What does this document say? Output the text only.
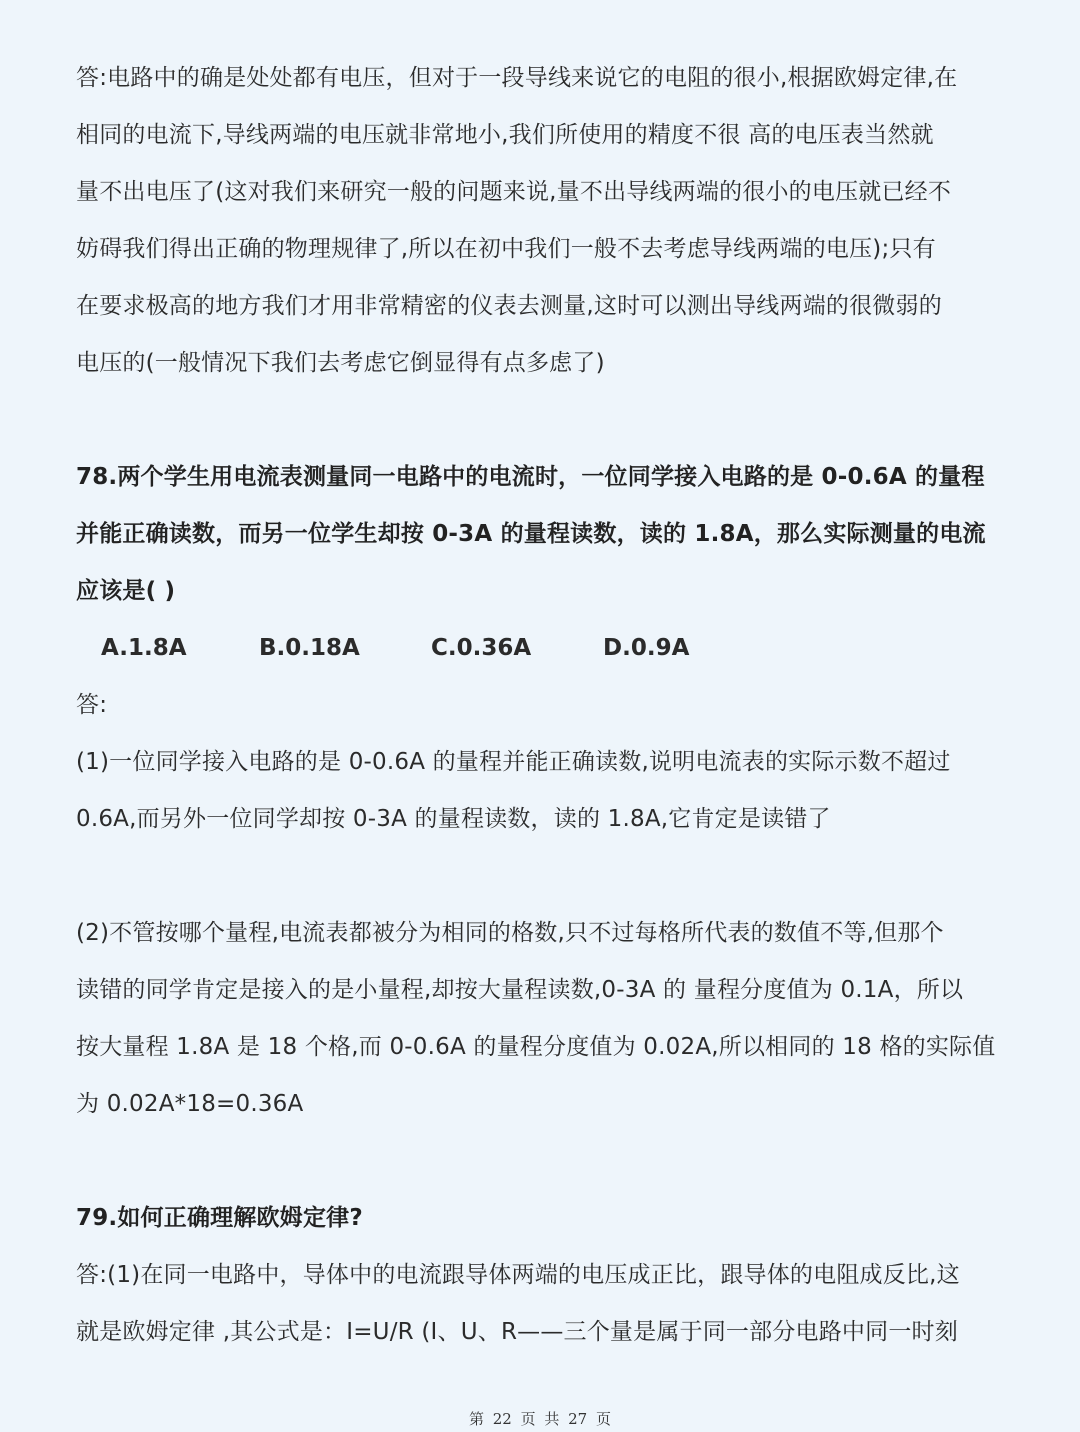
答:电路中的确是处处都有电压，但对于一段导线来说它的电阻的很小,根据欧姆定律,在
相同的电流下,导线两端的电压就非常地小,我们所使用的精度不很 高的电压表当然就
量不出电压了(这对我们来研究一般的问题来说,量不出导线两端的很小的电压就已经不
妨碍我们得出正确的物理规律了,所以在初中我们一般不去考虑导线两端的电压);只有
在要求极高的地方我们才用非常精密的仪表去测量,这时可以测出导线两端的很微弱的
电压的(一般情况下我们去考虑它倒显得有点多虑了)
78.两个学生用电流表测量同一电路中的电流时，一位同学接入电路的是 0-0.6A 的量程
并能正确读数，而另一位学生却按 0-3A 的量程读数，读的 1.8A，那么实际测量的电流
应该是( )
A.1.8A	B.0.18A	C.0.36A	D.0.9A
答:
(1)一位同学接入电路的是 0-0.6A 的量程并能正确读数,说明电流表的实际示数不超过
0.6A,而另外一位同学却按 0-3A 的量程读数，读的 1.8A,它肯定是读错了
(2)不管按哪个量程,电流表都被分为相同的格数,只不过每格所代表的数值不等,但那个
读错的同学肯定是接入的是小量程,却按大量程读数,0-3A 的 量程分度值为 0.1A，所以
按大量程 1.8A 是 18 个格,而 0-0.6A 的量程分度值为 0.02A,所以相同的 18 格的实际值
为 0.02A*18=0.36A
79.如何正确理解欧姆定律?
答:(1)在同一电路中，导体中的电流跟导体两端的电压成正比，跟导体的电阻成反比,这
就是欧姆定律 ,其公式是：I=U/R (I、U、R——三个量是属于同一部分电路中同一时刻
第 22 页 共 27 页
